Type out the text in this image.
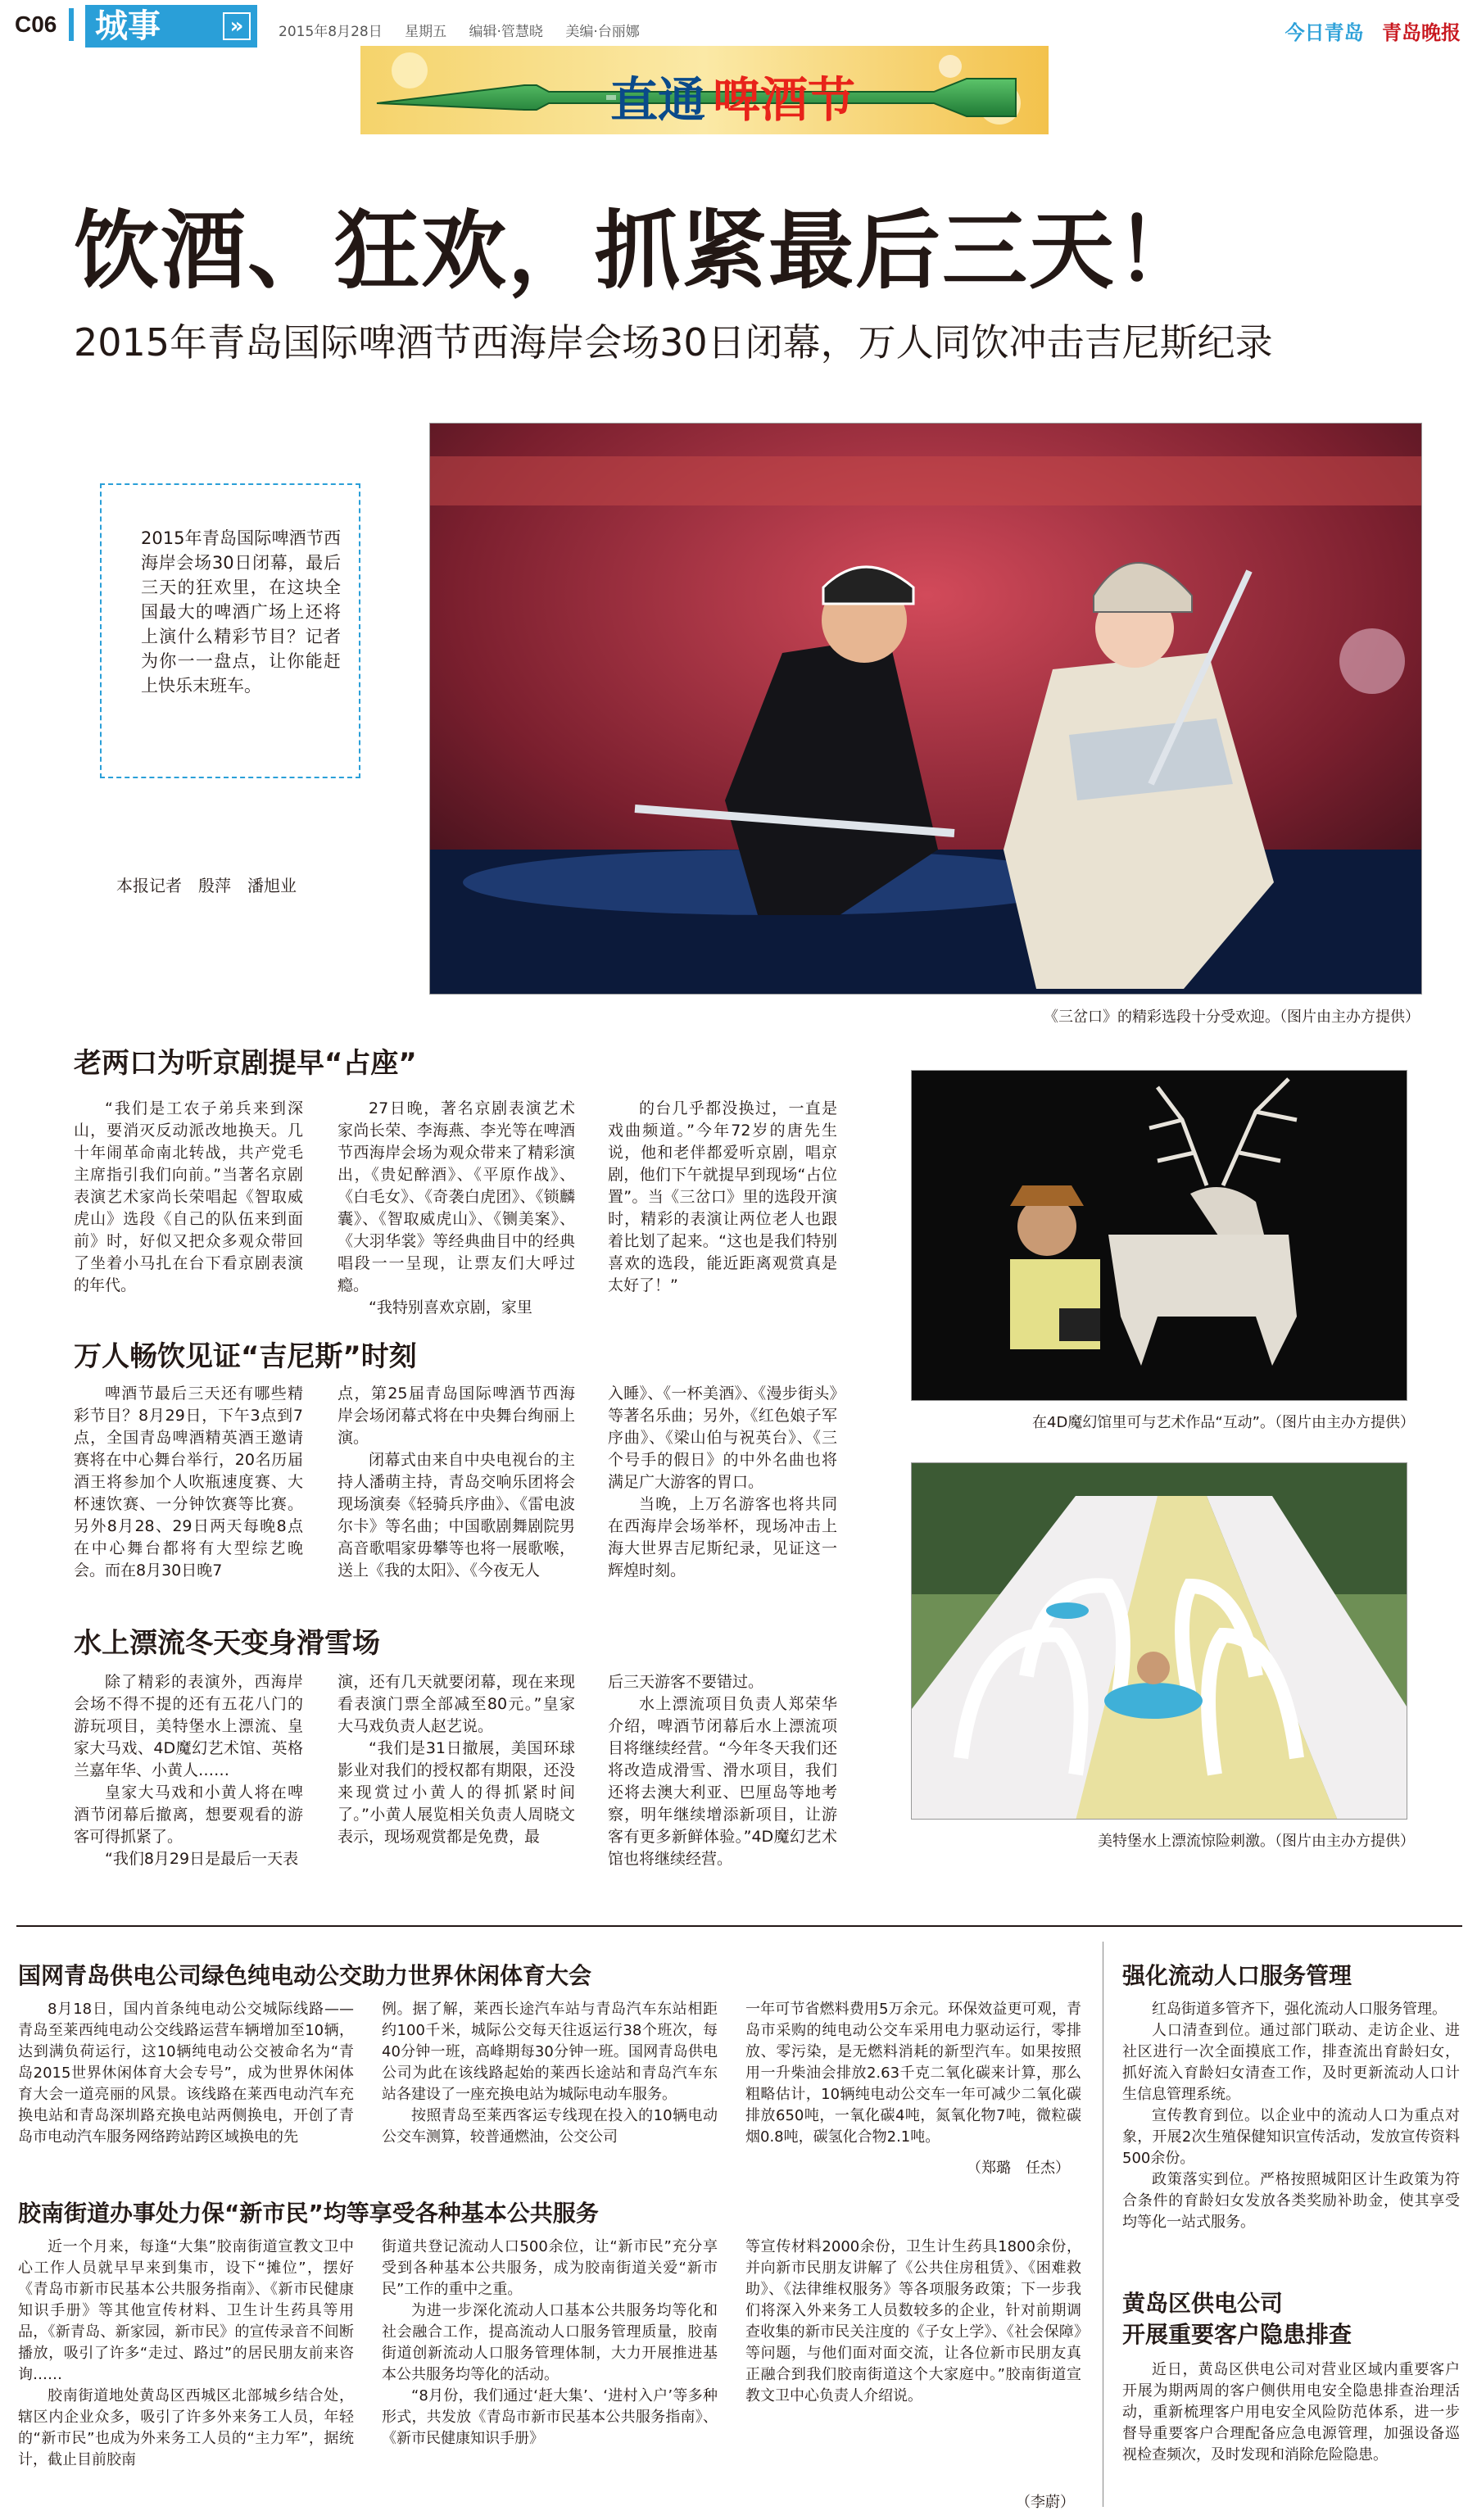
C06	城事	»	2015年8月28日 星期五 编辑·管慧晓 美编·台丽娜	今日青岛 青岛晚报
直通 啤酒节
饮酒、狂欢，抓紧最后三天！
2015年青岛国际啤酒节西海岸会场30日闭幕，万人同饮冲击吉尼斯纪录
《三岔口》的精彩选段十分受欢迎。（图片由主办方提供）
2015年青岛国际啤酒节西海岸会场30日闭幕，最后三天的狂欢里，在这块全国最大的啤酒广场上还将上演什么精彩节目？记者为你一一盘点，让你能赶上快乐末班车。
本报记者　殷萍　潘旭业
老两口为听京剧提早“占座”

“我们是工农子弟兵来到深山，要消灭反动派改地换天。几十年闹革命南北转战，共产党毛主席指引我们向前。”当著名京剧表演艺术家尚长荣唱起《智取威虎山》选段《自己的队伍来到面前》时，好似又把众多观众带回了坐着小马扎在台下看京剧表演的年代。

27日晚，著名京剧表演艺术家尚长荣、李海燕、李光等在啤酒节西海岸会场为观众带来了精彩演出，《贵妃醉酒》、《平原作战》、《白毛女》、《奇袭白虎团》、《锁麟囊》、《智取威虎山》、《铡美案》、《大羽华裳》等经典曲目中的经典唱段一一呈现，让票友们大呼过瘾。

“我特别喜欢京剧，家里

的台几乎都没换过，一直是戏曲频道。”今年72岁的唐先生说，他和老伴都爱听京剧，唱京剧，他们下午就提早到现场“占位置”。当《三岔口》里的选段开演时，精彩的表演让两位老人也跟着比划了起来。“这也是我们特别喜欢的选段，能近距离观赏真是太好了！”

在4D魔幻馆里可与艺术作品“互动”。（图片由主办方提供）
万人畅饮见证“吉尼斯”时刻

啤酒节最后三天还有哪些精彩节目？8月29日，下午3点到7点，全国青岛啤酒精英酒王邀请赛将在中心舞台举行，20名历届酒王将参加个人吹瓶速度赛、大杯速饮赛、一分钟饮赛等比赛。另外8月28、29日两天每晚8点在中心舞台都将有大型综艺晚会。而在8月30日晚7

点，第25届青岛国际啤酒节西海岸会场闭幕式将在中央舞台绚丽上演。

闭幕式由来自中央电视台的主持人潘萌主持，青岛交响乐团将会现场演奏《轻骑兵序曲》、《雷电波尔卡》等名曲；中国歌剧舞剧院男高音歌唱家毋攀等也将一展歌喉，送上《我的太阳》、《今夜无人

入睡》、《一杯美酒》、《漫步街头》等著名乐曲；另外，《红色娘子军序曲》、《梁山伯与祝英台》、《三个号手的假日》的中外名曲也将满足广大游客的胃口。

当晚，上万名游客也将共同在西海岸会场举杯，现场冲击上海大世界吉尼斯纪录，见证这一辉煌时刻。

美特堡水上漂流惊险刺激。（图片由主办方提供）
水上漂流冬天变身滑雪场

除了精彩的表演外，西海岸会场不得不提的还有五花八门的游玩项目，美特堡水上漂流、皇家大马戏、4D魔幻艺术馆、英格兰嘉年华、小黄人……

皇家大马戏和小黄人将在啤酒节闭幕后撤离，想要观看的游客可得抓紧了。

“我们8月29日是最后一天表

演，还有几天就要闭幕，现在来现看表演门票全部减至80元。”皇家大马戏负责人赵艺说。

“我们是31日撤展，美国环球影业对我们的授权都有期限，还没来现赏过小黄人的得抓紧时间了。”小黄人展览相关负责人周晓文表示，现场观赏都是免费，最

后三天游客不要错过。

水上漂流项目负责人郑荣华介绍，啤酒节闭幕后水上漂流项目将继续经营。“今年冬天我们还将改造成滑雪、滑水项目，我们还将去澳大利亚、巴厘岛等地考察，明年继续增添新项目，让游客有更多新鲜体验。”4D魔幻艺术馆也将继续经营。

国网青岛供电公司绿色纯电动公交助力世界休闲体育大会

8月18日，国内首条纯电动公交城际线路——青岛至莱西纯电动公交线路运营车辆增加至10辆，达到满负荷运行，这10辆纯电动公交被命名为“青岛2015世界休闲体育大会专号”，成为世界休闲体育大会一道亮丽的风景。该线路在莱西电动汽车充换电站和青岛深圳路充换电站两侧换电，开创了青岛市电动汽车服务网络跨站跨区域换电的先

例。据了解，莱西长途汽车站与青岛汽车东站相距约100千米，城际公交每天往返运行38个班次，每40分钟一班，高峰期每30分钟一班。国网青岛供电公司为此在该线路起始的莱西长途站和青岛汽车东站各建设了一座充换电站为城际电动车服务。

按照青岛至莱西客运专线现在投入的10辆电动公交车测算，较普通燃油，公交公司

一年可节省燃料费用5万余元。环保效益更可观，青岛市采购的纯电动公交车采用电力驱动运行，零排放、零污染，是无燃料消耗的新型汽车。如果按照用一升柴油会排放2.63千克二氧化碳来计算，那么粗略估计，10辆纯电动公交车一年可减少二氧化碳排放650吨，一氧化碳4吨，氮氧化物7吨，微粒碳烟0.8吨，碳氢化合物2.1吨。

（郑璐　任杰）
胶南街道办事处力保“新市民”均等享受各种基本公共服务

近一个月来，每逢“大集”胶南街道宣教文卫中心工作人员就早早来到集市，设下“摊位”，摆好《青岛市新市民基本公共服务指南》、《新市民健康知识手册》等其他宣传材料、卫生计生药具等用品，《新青岛、新家园，新市民》的宣传录音不间断播放，吸引了许多“走过、路过”的居民朋友前来咨询……

胶南街道地处黄岛区西城区北部城乡结合处，辖区内企业众多，吸引了许多外来务工人员，年轻的“新市民”也成为外来务工人员的“主力军”，据统计，截止目前胶南

街道共登记流动人口500余位，让“新市民”充分享受到各种基本公共服务，成为胶南街道关爱“新市民”工作的重中之重。

为进一步深化流动人口基本公共服务均等化和社会融合工作，提高流动人口服务管理质量，胶南街道创新流动人口服务管理体制，大力开展推进基本公共服务均等化的活动。

“8月份，我们通过‘赶大集’、‘进村入户’等多种形式，共发放《青岛市新市民基本公共服务指南》、《新市民健康知识手册》

等宣传材料2000余份，卫生计生药具1800余份，并向新市民朋友讲解了《公共住房租赁》、《困难救助》、《法律维权服务》等各项服务政策；下一步我们将深入外来务工人员数较多的企业，针对前期调查收集的新市民关注度的《子女上学》、《社会保障》等问题，与他们面对面交流，让各位新市民朋友真正融合到我们胶南街道这个大家庭中。”胶南街道宣教文卫中心负责人介绍说。

（李蔚）
强化流动人口服务管理

红岛街道多管齐下，强化流动人口服务管理。

人口清查到位。通过部门联动、走访企业、进社区进行一次全面摸底工作，排查流出育龄妇女，抓好流入育龄妇女清查工作，及时更新流动人口计生信息管理系统。

宣传教育到位。以企业中的流动人口为重点对象，开展2次生殖保健知识宣传活动，发放宣传资料500余份。

政策落实到位。严格按照城阳区计生政策为符合条件的育龄妇女发放各类奖励补助金，使其享受均等化一站式服务。

黄岛区供电公司
开展重要客户隐患排查

近日，黄岛区供电公司对营业区域内重要客户开展为期两周的客户侧供用电安全隐患排查治理活动，重新梳理客户用电安全风险防范体系，进一步督导重要客户合理配备应急电源管理，加强设备巡视检查频次，及时发现和消除危险隐患。
